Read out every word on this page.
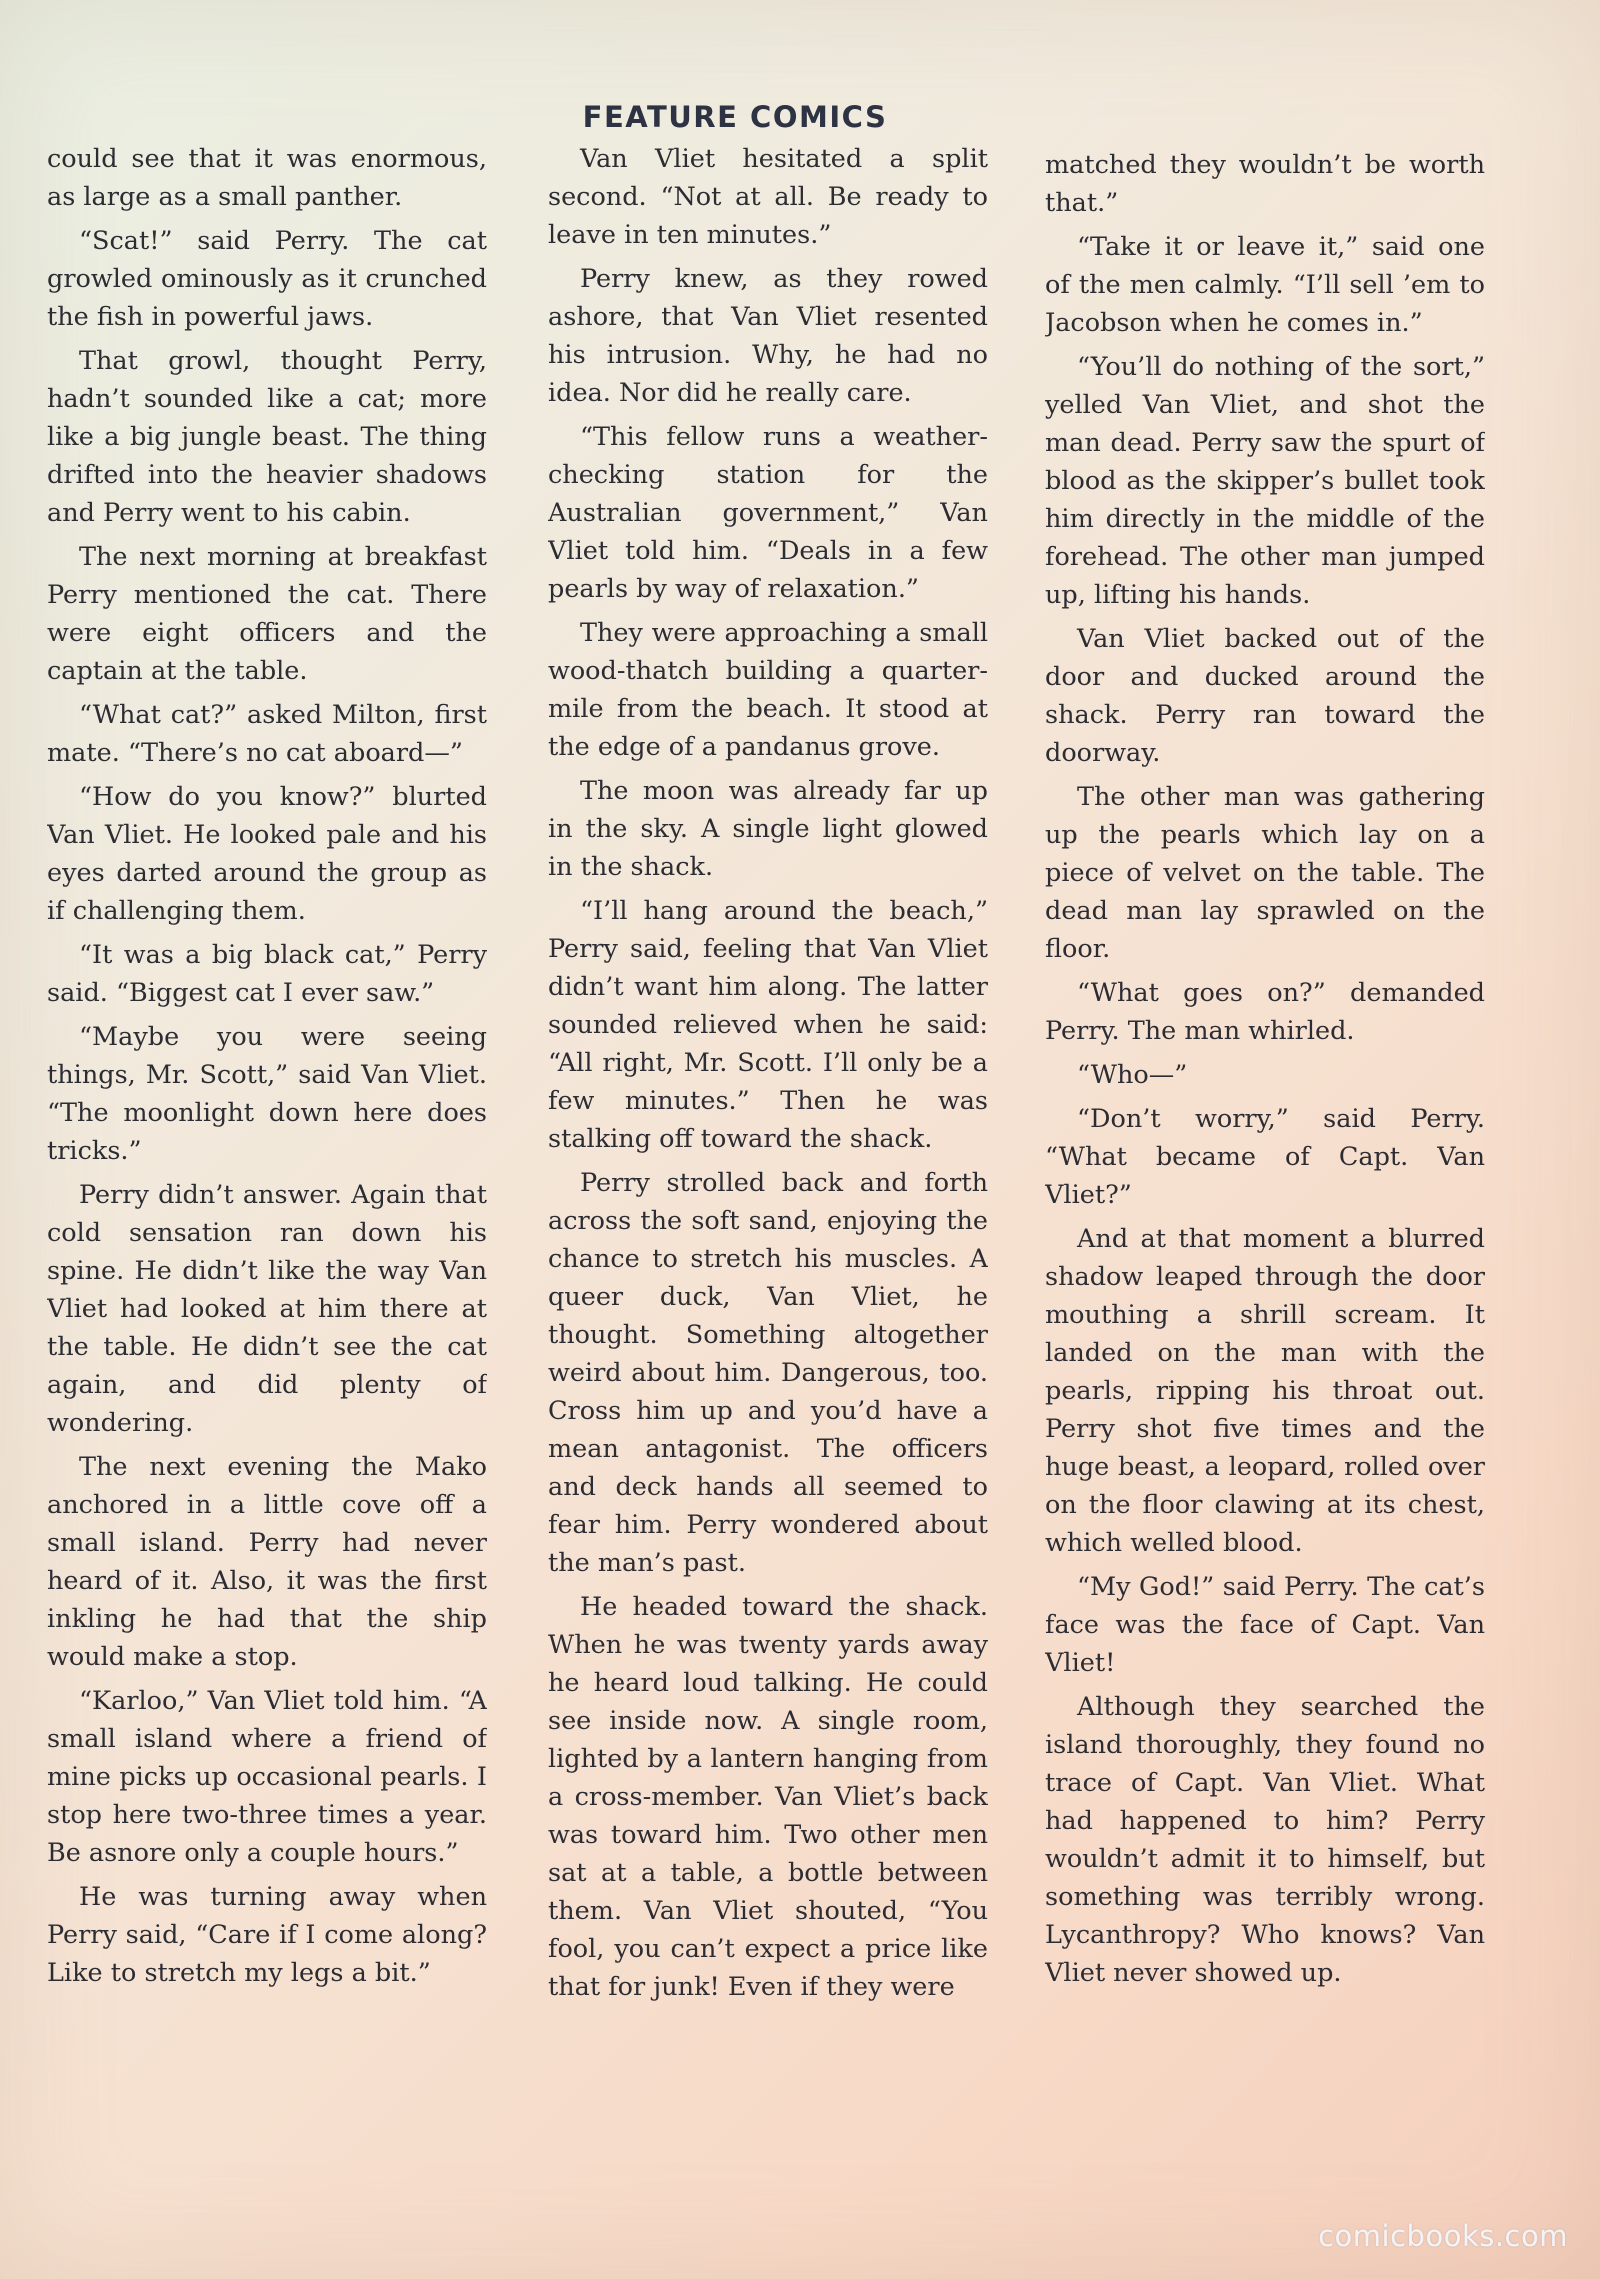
FEATURE COMICS

could see that it was enormous, as large as a small panther.

“Scat!” said Perry. The cat growled ominously as it crunched the fish in powerful jaws.

That growl, thought Perry, hadn’t sounded like a cat; more like a big jungle beast. The thing drifted into the heavier shadows and Perry went to his cabin.

The next morning at breakfast Perry mentioned the cat. There were eight officers and the captain at the table.

“What cat?” asked Milton, first mate. “There’s no cat aboard—”

“How do you know?” blurted Van Vliet. He looked pale and his eyes darted around the group as if challenging them.

“It was a big black cat,” Perry said. “Biggest cat I ever saw.”

“Maybe you were seeing things, Mr. Scott,” said Van Vliet. “The moonlight down here does tricks.”

Perry didn’t answer. Again that cold sensation ran down his spine. He didn’t like the way Van Vliet had looked at him there at the table. He didn’t see the cat again, and did plenty of wondering.

The next evening the Mako anchored in a little cove off a small island. Perry had never heard of it. Also, it was the first inkling he had that the ship would make a stop.

“Karloo,” Van Vliet told him. “A small island where a friend of mine picks up occasional pearls. I stop here two-three times a year. Be asnore only a couple hours.”

He was turning away when Perry said, “Care if I come along? Like to stretch my legs a bit.”

Van Vliet hesitated a split second. “Not at all. Be ready to leave in ten minutes.”

Perry knew, as they rowed ashore, that Van Vliet resented his intrusion. Why, he had no idea. Nor did he really care.

“This fellow runs a weather-checking station for the Australian government,” Van Vliet told him. “Deals in a few pearls by way of relaxation.”

They were approaching a small wood-thatch building a quarter-mile from the beach. It stood at the edge of a pandanus grove.

The moon was already far up in the sky. A single light glowed in the shack.

“I’ll hang around the beach,” Perry said, feeling that Van Vliet didn’t want him along. The latter sounded relieved when he said: “All right, Mr. Scott. I’ll only be a few minutes.” Then he was stalking off toward the shack.

Perry strolled back and forth across the soft sand, enjoying the chance to stretch his muscles. A queer duck, Van Vliet, he thought. Something altogether weird about him. Dangerous, too. Cross him up and you’d have a mean antagonist. The officers and deck hands all seemed to fear him. Perry wondered about the man’s past.

He headed toward the shack. When he was twenty yards away he heard loud talking. He could see inside now. A single room, lighted by a lantern hanging from a cross-member. Van Vliet’s back was toward him. Two other men sat at a table, a bottle between them. Van Vliet shouted, “You fool, you can’t expect a price like that for junk! Even if they were

matched they wouldn’t be worth that.”

“Take it or leave it,” said one of the men calmly. “I’ll sell ’em to Jacobson when he comes in.”

“You’ll do nothing of the sort,” yelled Van Vliet, and shot the man dead. Perry saw the spurt of blood as the skipper’s bullet took him directly in the middle of the forehead. The other man jumped up, lifting his hands.

Van Vliet backed out of the door and ducked around the shack. Perry ran toward the doorway.

The other man was gathering up the pearls which lay on a piece of velvet on the table. The dead man lay sprawled on the floor.

“What goes on?” demanded Perry. The man whirled.

“Who—”

“Don’t worry,” said Perry. “What became of Capt. Van Vliet?”

And at that moment a blurred shadow leaped through the door mouthing a shrill scream. It landed on the man with the pearls, ripping his throat out. Perry shot five times and the huge beast, a leopard, rolled over on the floor clawing at its chest, which welled blood.

“My God!” said Perry. The cat’s face was the face of Capt. Van Vliet!

Although they searched the island thoroughly, they found no trace of Capt. Van Vliet. What had happened to him? Perry wouldn’t admit it to himself, but something was terribly wrong. Lycanthropy? Who knows? Van Vliet never showed up.

comicbooks.com
